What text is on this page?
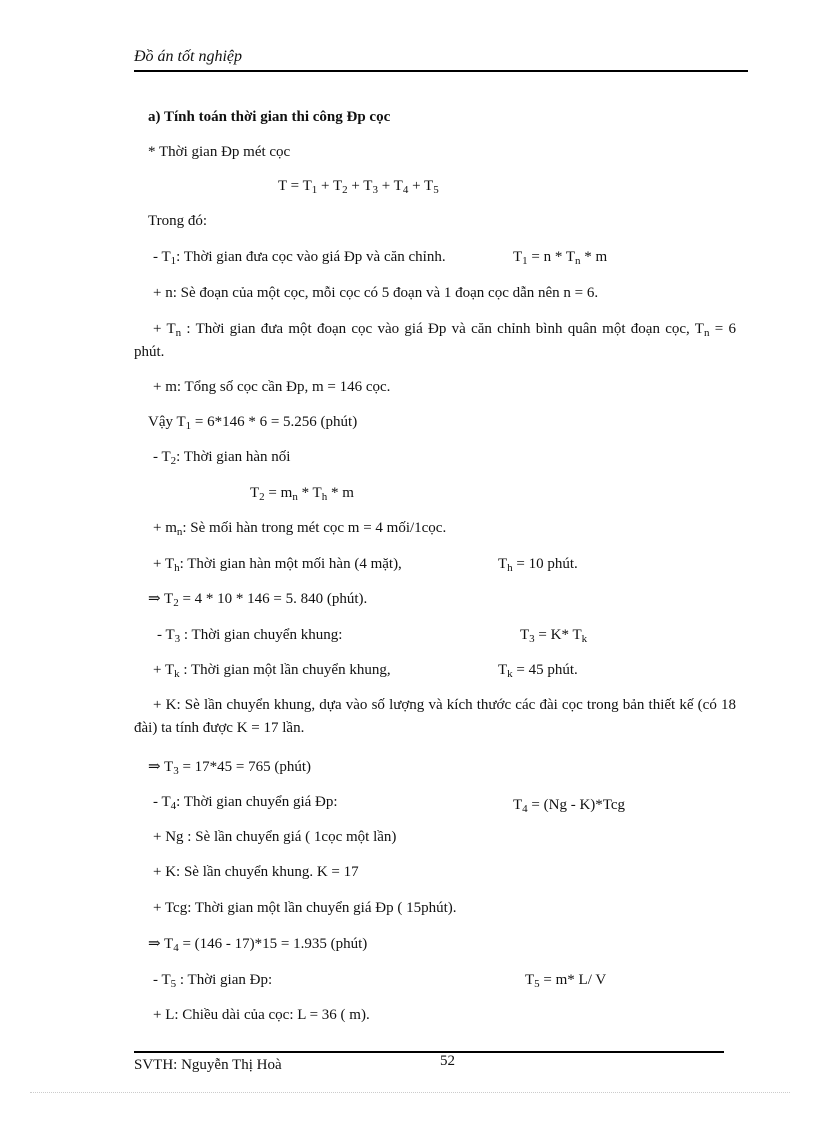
Đồ án tốt nghiệp
a) Tính toán thời gian thi công Đp cọc
* Thời gian Đp mét cọc
$T = T_1 + T_2 + T_3 + T_4 + T_5$
Trong đó:
- $T_1$: Thời gian đưa cọc vào giá Đp và căn chỉnh.	$T_1 = n * T_n * m$
+ n: Sè đoạn của một cọc, mỗi cọc có 5 đoạn và 1 đoạn cọc dẫn nên n = 6.
+ $T_n$ : Thời gian đưa một đoạn cọc vào giá Đp và căn chỉnh bình quân một đoạn cọc, $T_n = 6$ phút.
+ m: Tổng số cọc cần Đp, m = 146 cọc.
Vậy $T_1 = 6*146 * 6 = 5.256$ (phút)
- $T_2$: Thời gian hàn nối
$T_2 = m_n * T_h * m$
+ $m_n$: Sè mối hàn trong mét cọc m = 4 mối/1cọc.
+ $T_h$: Thời gian hàn một mối hàn (4 mặt),	$T_h = 10$ phút.
⇒ $T_2 = 4 * 10 * 146 = 5$. 840 (phút).
- $T_3$ : Thời gian chuyển khung:	$T_3 = K*$ $T_k$
+ $T_k$ : Thời gian một lần chuyển khung,	$T_k = 45$ phút.
+ K: Sè lần chuyển khung, dựa vào số lượng và kích thước các đài cọc trong bản thiết kế (có 18 đài) ta tính được K = 17 lần.
⇒ $T_3 = 17*45 = 765$ (phút)
- $T_4$: Thời gian chuyển giá Đp:	$T_4 = (Ng - K)*Tcg$
+ Ng : Sè lần chuyển giá ( 1cọc một lần)
+ K: Sè lần chuyển khung. K = 17
+ Tcg: Thời gian một lần chuyển giá Đp ( 15phút).
⇒ $T_4 = (146 - 17)*15 = 1.935$ (phút)
- $T_5$ : Thời gian Đp:	$T_5 = m*$ L/ V
+ L: Chiều dài của cọc: L = 36 ( m).
SVTH: Nguyễn Thị Hoà	52
